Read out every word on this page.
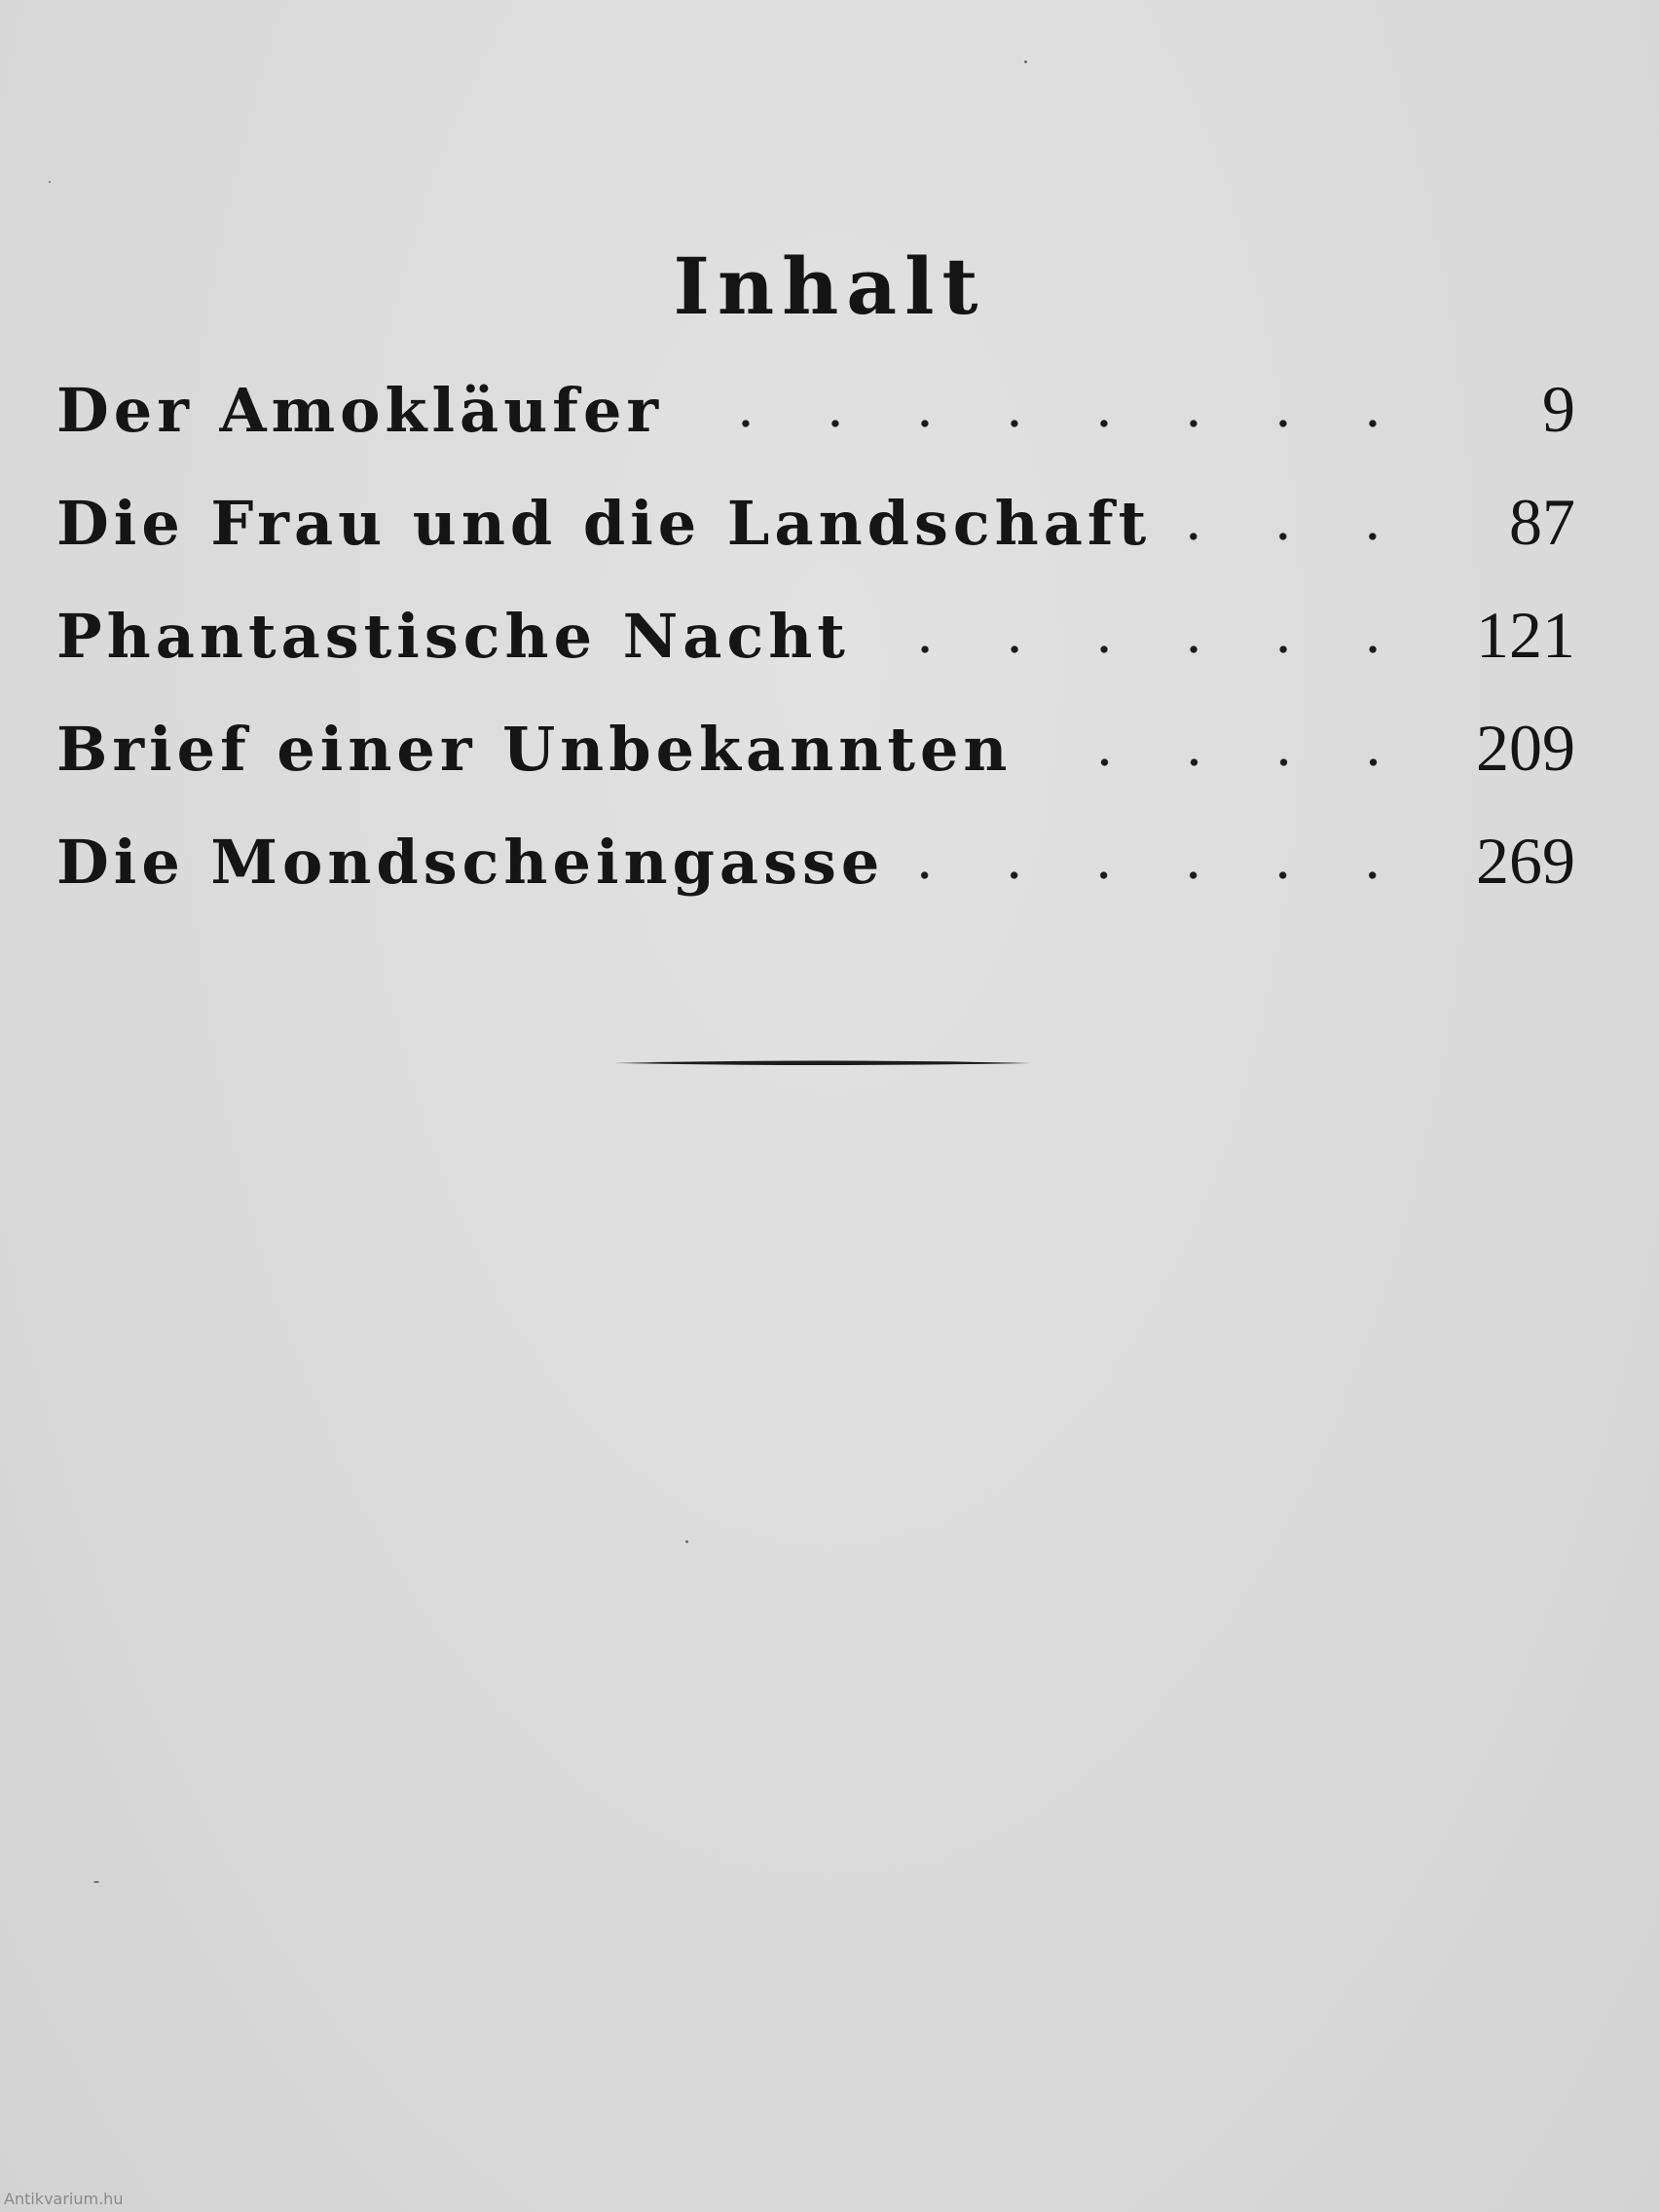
Inhalt
Der Amokläufer	9
Die Frau und die Landschaft	87
Phantastische Nacht	121
Brief einer Unbekannten	209
Die Mondscheingasse	269
Antikvarium.hu
